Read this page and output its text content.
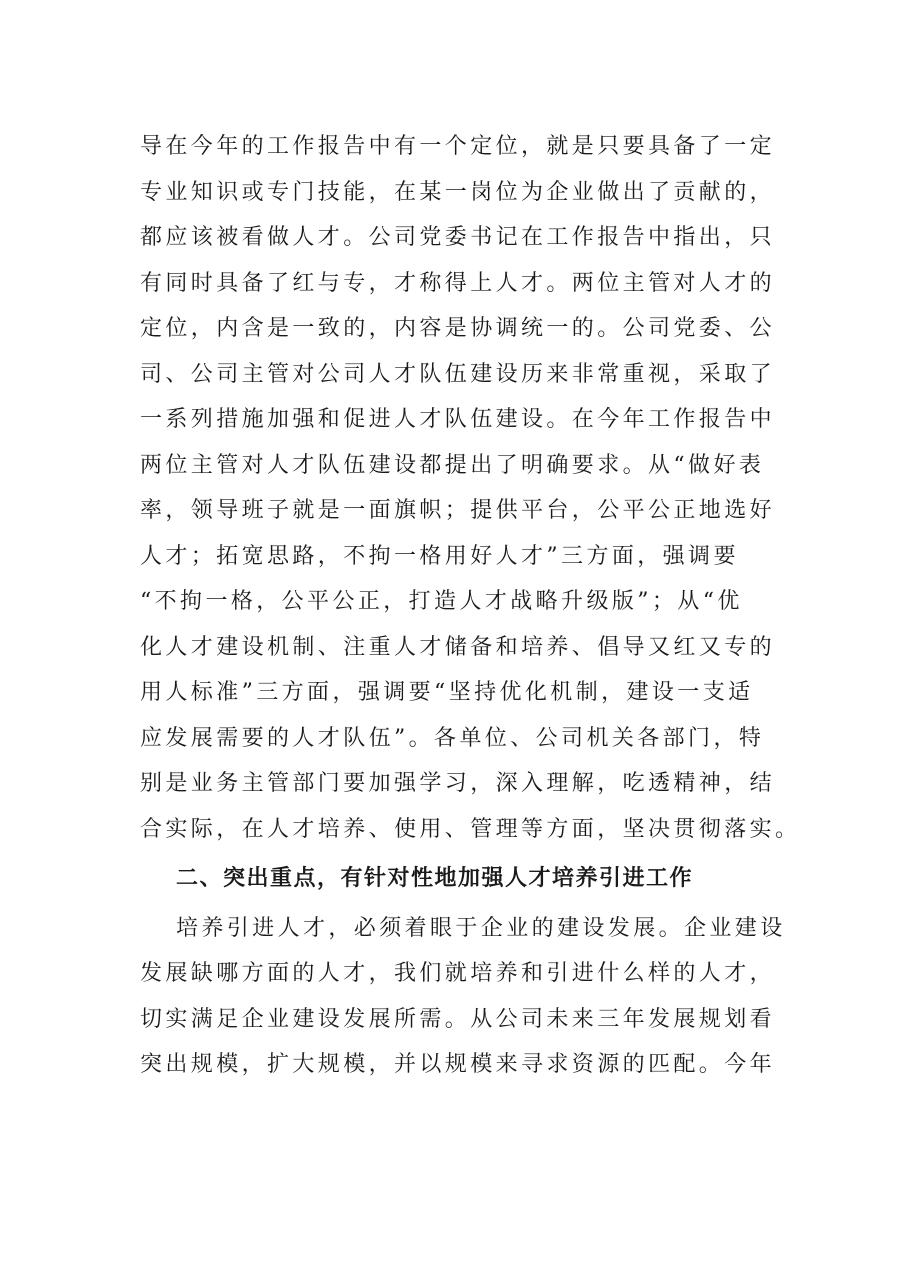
导在今年的工作报告中有一个定位，就是只要具备了一定
专业知识或专门技能，在某一岗位为企业做出了贡献的，
都应该被看做人才。公司党委书记在工作报告中指出，只
有同时具备了红与专，才称得上人才。两位主管对人才的
定位，内含是一致的，内容是协调统一的。公司党委、公
司、公司主管对公司人才队伍建设历来非常重视，采取了
一系列措施加强和促进人才队伍建设。在今年工作报告中
两位主管对人才队伍建设都提出了明确要求。从“做好表
率，领导班子就是一面旗帜；提供平台，公平公正地选好
人才；拓宽思路，不拘一格用好人才”三方面，强调要
“不拘一格，公平公正，打造人才战略升级版”；从“优
化人才建设机制、注重人才储备和培养、倡导又红又专的
用人标准”三方面，强调要“坚持优化机制，建设一支适
应发展需要的人才队伍”。各单位、公司机关各部门，特
别是业务主管部门要加强学习，深入理解，吃透精神，结
合实际，在人才培养、使用、管理等方面，坚决贯彻落实。
二、突出重点，有针对性地加强人才培养引进工作
培养引进人才，必须着眼于企业的建设发展。企业建设
发展缺哪方面的人才，我们就培养和引进什么样的人才，
切实满足企业建设发展所需。从公司未来三年发展规划看
突出规模，扩大规模，并以规模来寻求资源的匹配。今年
